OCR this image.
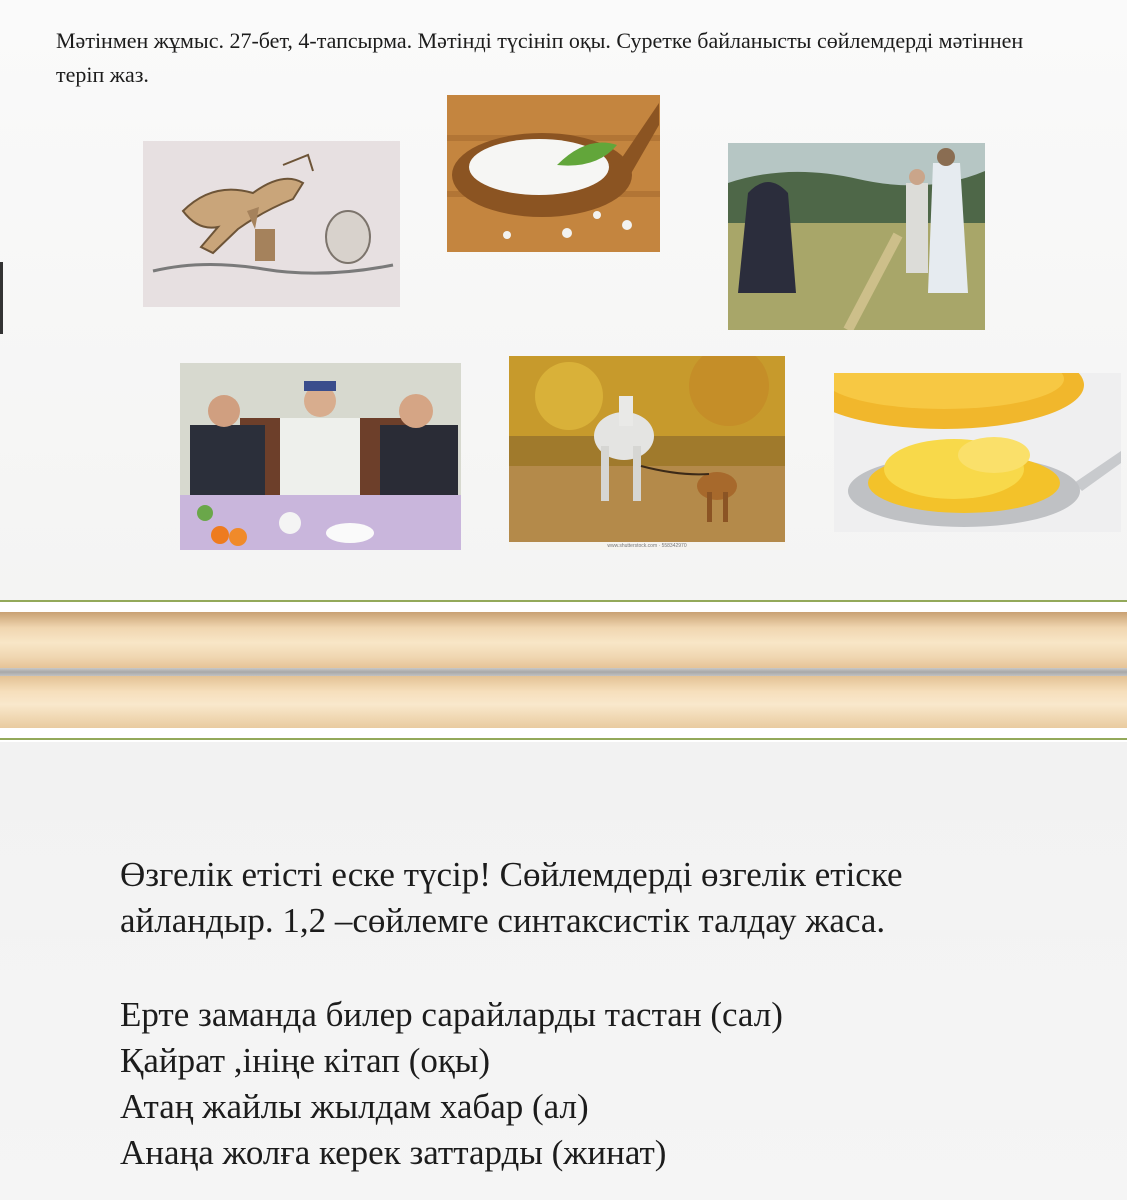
Мәтінмен жұмыс. 27-бет, 4-тапсырма. Мәтінді түсініп оқы. Суретке байланысты сөйлемдерді мәтіннен теріп жаз.

www.shutterstock.com · 558342970

Өзгелік етісті еске түсір! Сөйлемдерді өзгелік етіске айландыр. 1,2 –сөйлемге синтаксистік талдау жаса.

Ерте заманда билер сарайларды тастан (сал)
Қайрат ,ініңе кітап (оқы)
Атаң жайлы жылдам хабар (ал)
Анаңа жолға керек заттарды (жинат)
